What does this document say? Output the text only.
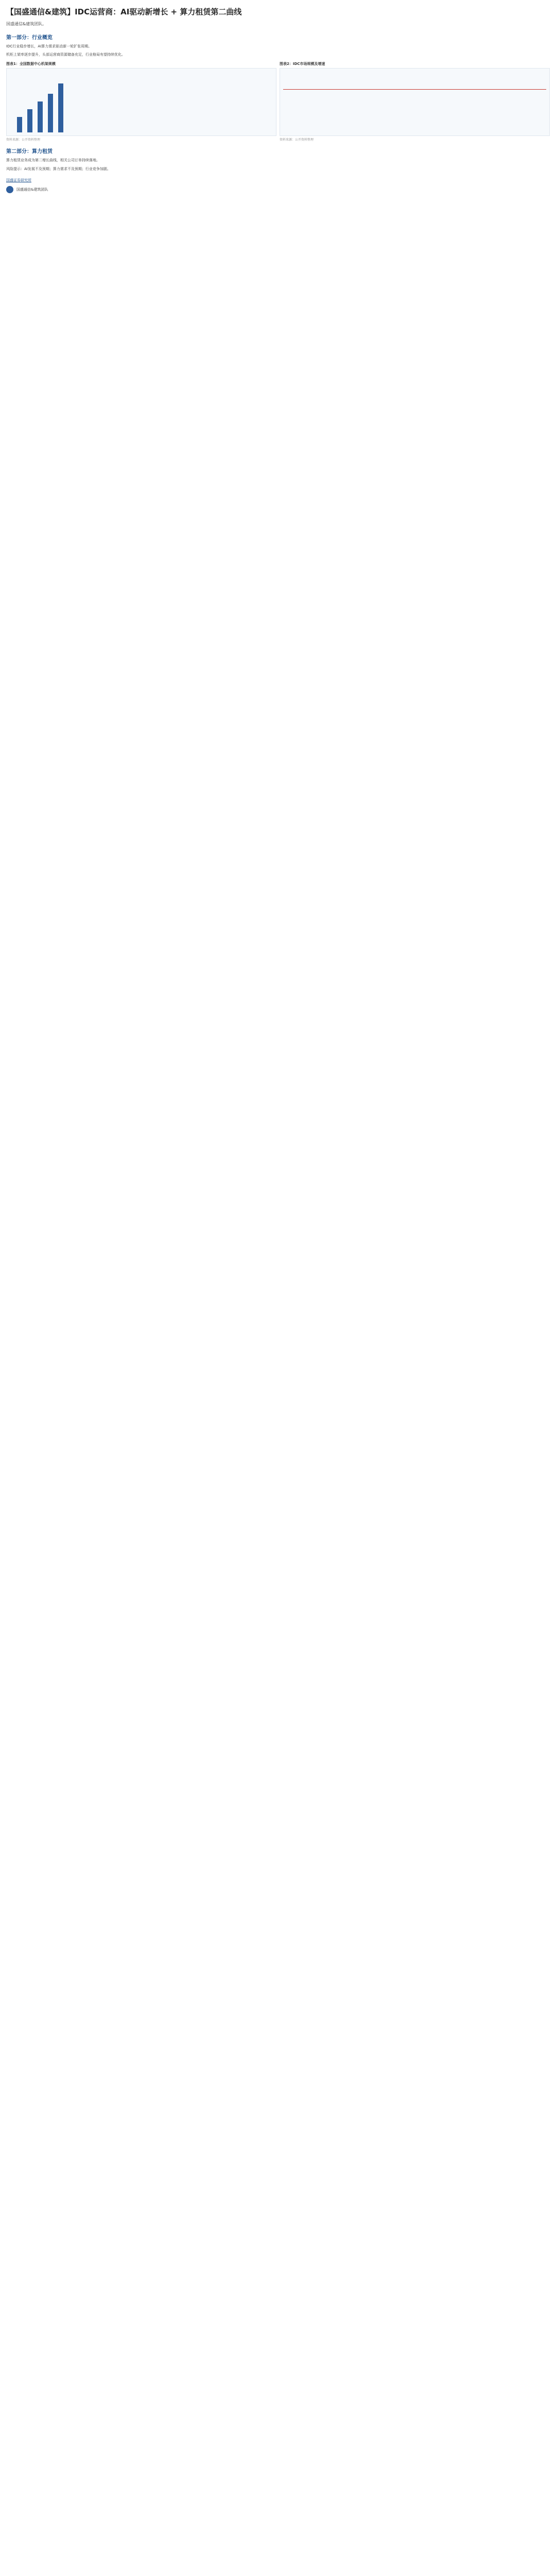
【国盛通信&建筑】IDC运营商：AI驱动新增长 + 算力租赁第二曲线
国盛通信&建筑团队。
第一部分：行业概览
IDC行业稳步增长，AI算力需求驱动新一轮扩张周期。
机柜上架率逐步提升，头部运营商资源储备充足，行业格局有望持续优化。
图表1：全国数据中心机架规模
资料来源：公开资料整理
图表2：IDC市场规模及增速
资料来源：公开资料整理
第二部分：算力租赁
算力租赁业务成为第二增长曲线，相关公司订单持续落地。
风险提示：AI发展不及预期；算力需求不及预期；行业竞争加剧。
国盛证券研究所
国盛通信&建筑团队
